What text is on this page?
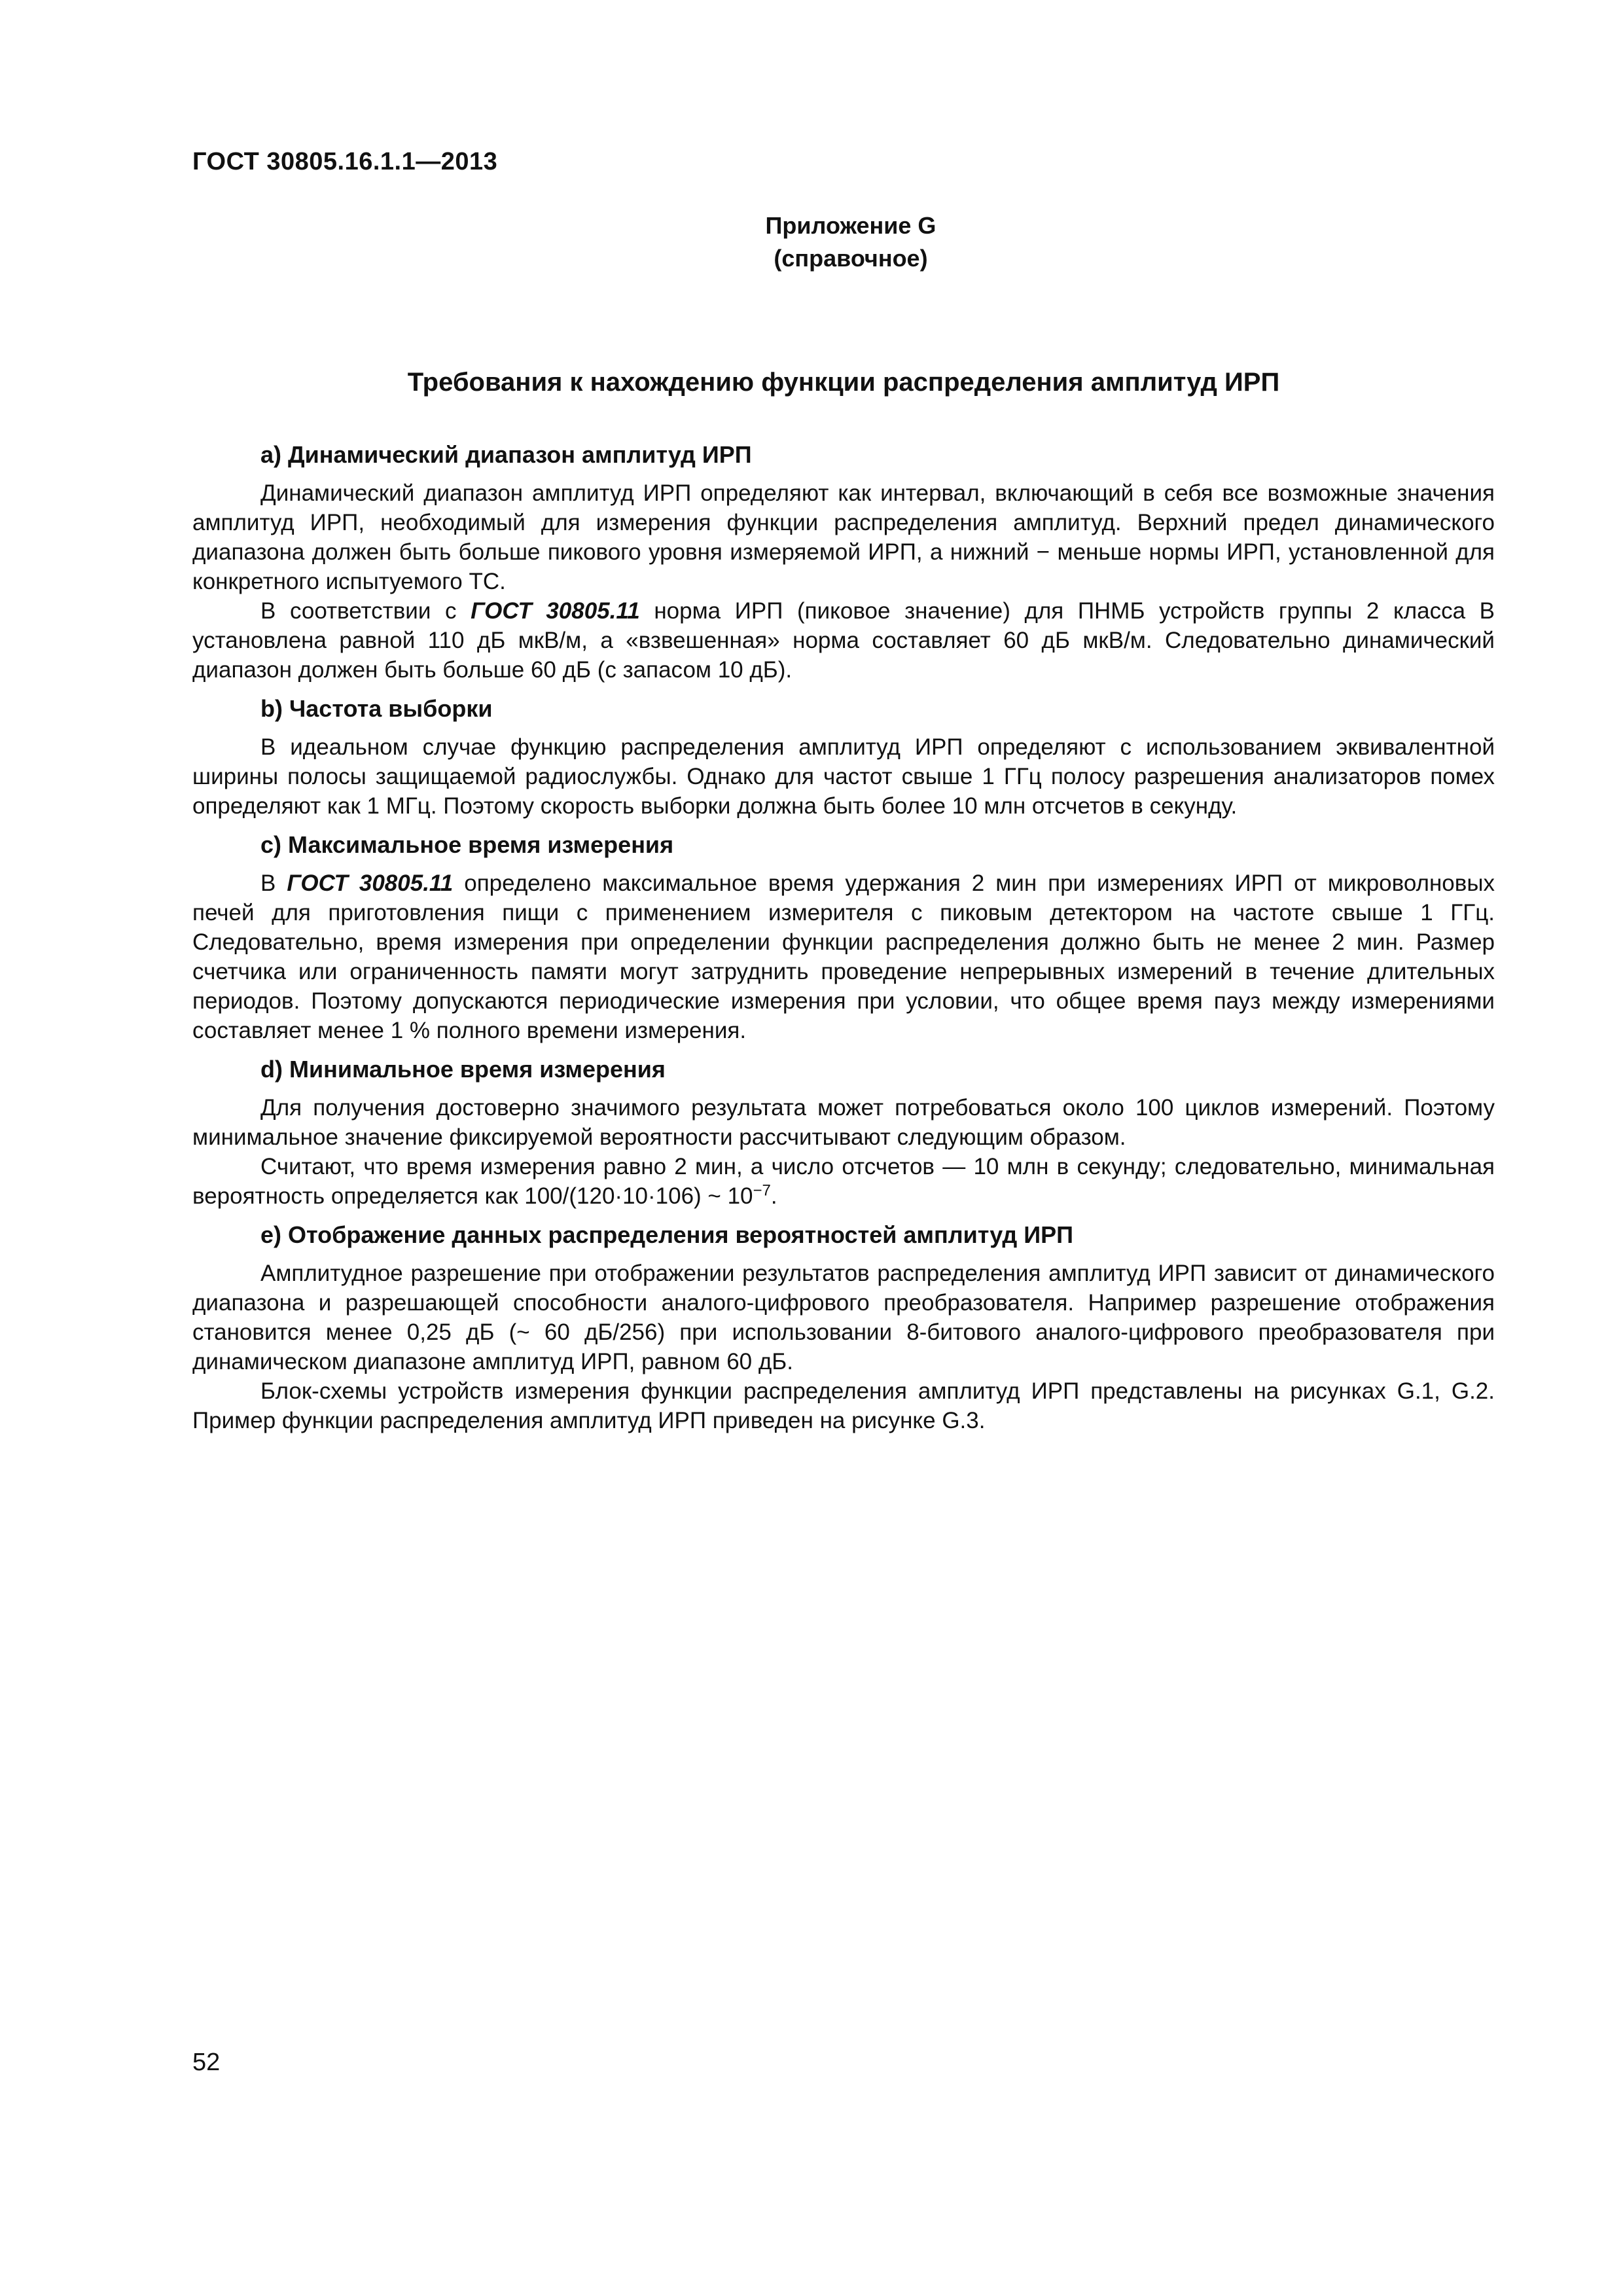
ГОСТ 30805.16.1.1—2013
Приложение G
(справочное)
Требования к нахождению функции распределения амплитуд ИРП
a) Динамический диапазон амплитуд ИРП

Динамический диапазон амплитуд ИРП определяют как интервал, включающий в себя все возможные значения амплитуд ИРП, необходимый для измерения функции распределения амплитуд. Верхний предел динамического диапазона должен быть больше пикового уровня измеряемой ИРП, а нижний − меньше нормы ИРП, установленной для конкретного испытуемого ТС.

В соответствии с ГОСТ 30805.11 норма ИРП (пиковое значение) для ПНМБ устройств группы 2 класса В установлена равной 110 дБ мкВ/м, а «взвешенная» норма составляет 60 дБ мкВ/м. Следовательно динамический диапазон должен быть больше 60 дБ (с запасом 10 дБ).

b) Частота выборки

В идеальном случае функцию распределения амплитуд ИРП определяют с использованием эквивалентной ширины полосы защищаемой радиослужбы. Однако для частот свыше 1 ГГц полосу разрешения анализаторов помех определяют как 1 МГц. Поэтому скорость выборки должна быть более 10 млн отсчетов в секунду.

c) Максимальное время измерения

В ГОСТ 30805.11 определено максимальное время удержания 2 мин при измерениях ИРП от микроволновых печей для приготовления пищи с применением измерителя с пиковым детектором на частоте свыше 1 ГГц. Следовательно, время измерения при определении функции распределения должно быть не менее 2 мин. Размер счетчика или ограниченность памяти могут затруднить проведение непрерывных измерений в течение длительных периодов. Поэтому допускаются периодические измерения при условии, что общее время пауз между измерениями составляет менее 1 % полного времени измерения.

d) Минимальное время измерения

Для получения достоверно значимого результата может потребоваться около 100 циклов измерений. Поэтому минимальное значение фиксируемой вероятности рассчитывают следующим образом.

Считают, что время измерения равно 2 мин, а число отсчетов — 10 млн в секунду; следовательно, минимальная вероятность определяется как 100/(120·10·106) ~ $10^{-7}$.

e) Отображение данных распределения вероятностей амплитуд ИРП

Амплитудное разрешение при отображении результатов распределения амплитуд ИРП зависит от динамического диапазона и разрешающей способности аналого-цифрового преобразователя. Например разрешение отображения становится менее 0,25 дБ (~ 60 дБ/256) при использовании 8-битового аналого-цифрового преобразователя при динамическом диапазоне амплитуд ИРП, равном 60 дБ.

Блок-схемы устройств измерения функции распределения амплитуд ИРП представлены на рисунках G.1, G.2. Пример функции распределения амплитуд ИРП приведен на рисунке G.3.

52
